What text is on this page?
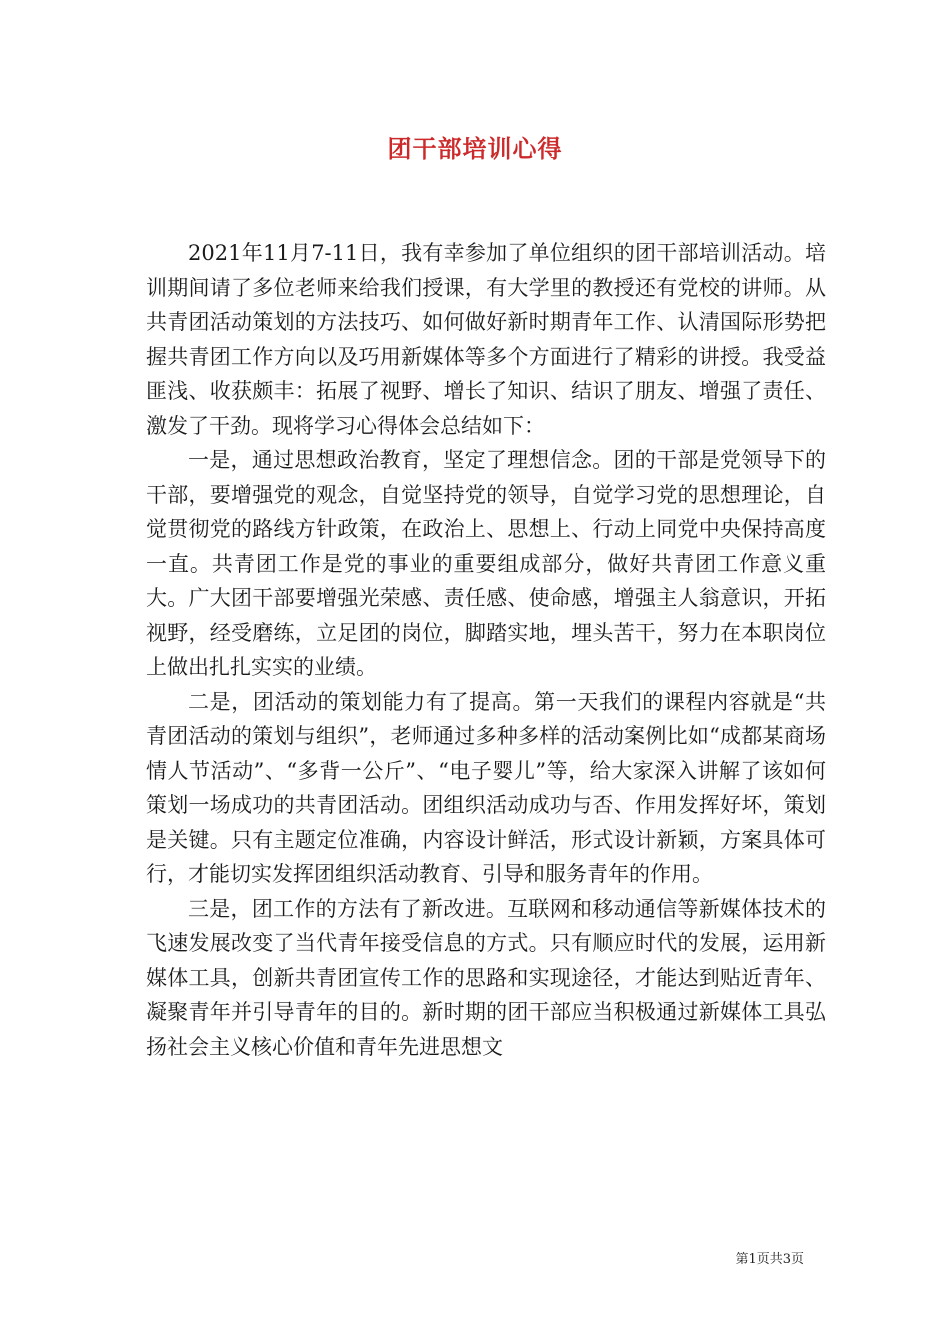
团干部培训心得

2021年11月7-11日，我有幸参加了单位组织的团干部培训活动。培训期间请了多位老师来给我们授课，有大学里的教授还有党校的讲师。从共青团活动策划的方法技巧、如何做好新时期青年工作、认清国际形势把握共青团工作方向以及巧用新媒体等多个方面进行了精彩的讲授。我受益匪浅、收获颇丰：拓展了视野、增长了知识、结识了朋友、增强了责任、激发了干劲。现将学习心得体会总结如下：

一是，通过思想政治教育，坚定了理想信念。团的干部是党领导下的干部，要增强党的观念，自觉坚持党的领导，自觉学习党的思想理论，自觉贯彻党的路线方针政策，在政治上、思想上、行动上同党中央保持高度一直。共青团工作是党的事业的重要组成部分，做好共青团工作意义重大。广大团干部要增强光荣感、责任感、使命感，增强主人翁意识，开拓视野，经受磨练，立足团的岗位，脚踏实地，埋头苦干，努力在本职岗位上做出扎扎实实的业绩。

二是，团活动的策划能力有了提高。第一天我们的课程内容就是“共青团活动的策划与组织”，老师通过多种多样的活动案例比如“成都某商场情人节活动”、“多背一公斤”、“电子婴儿”等，给大家深入讲解了该如何策划一场成功的共青团活动。团组织活动成功与否、作用发挥好坏，策划是关键。只有主题定位准确，内容设计鲜活，形式设计新颖，方案具体可行，才能切实发挥团组织活动教育、引导和服务青年的作用。

三是，团工作的方法有了新改进。互联网和移动通信等新媒体技术的飞速发展改变了当代青年接受信息的方式。只有顺应时代的发展，运用新媒体工具，创新共青团宣传工作的思路和实现途径，才能达到贴近青年、凝聚青年并引导青年的目的。新时期的团干部应当积极通过新媒体工具弘扬社会主义核心价值和青年先进思想文

第1页共3页
